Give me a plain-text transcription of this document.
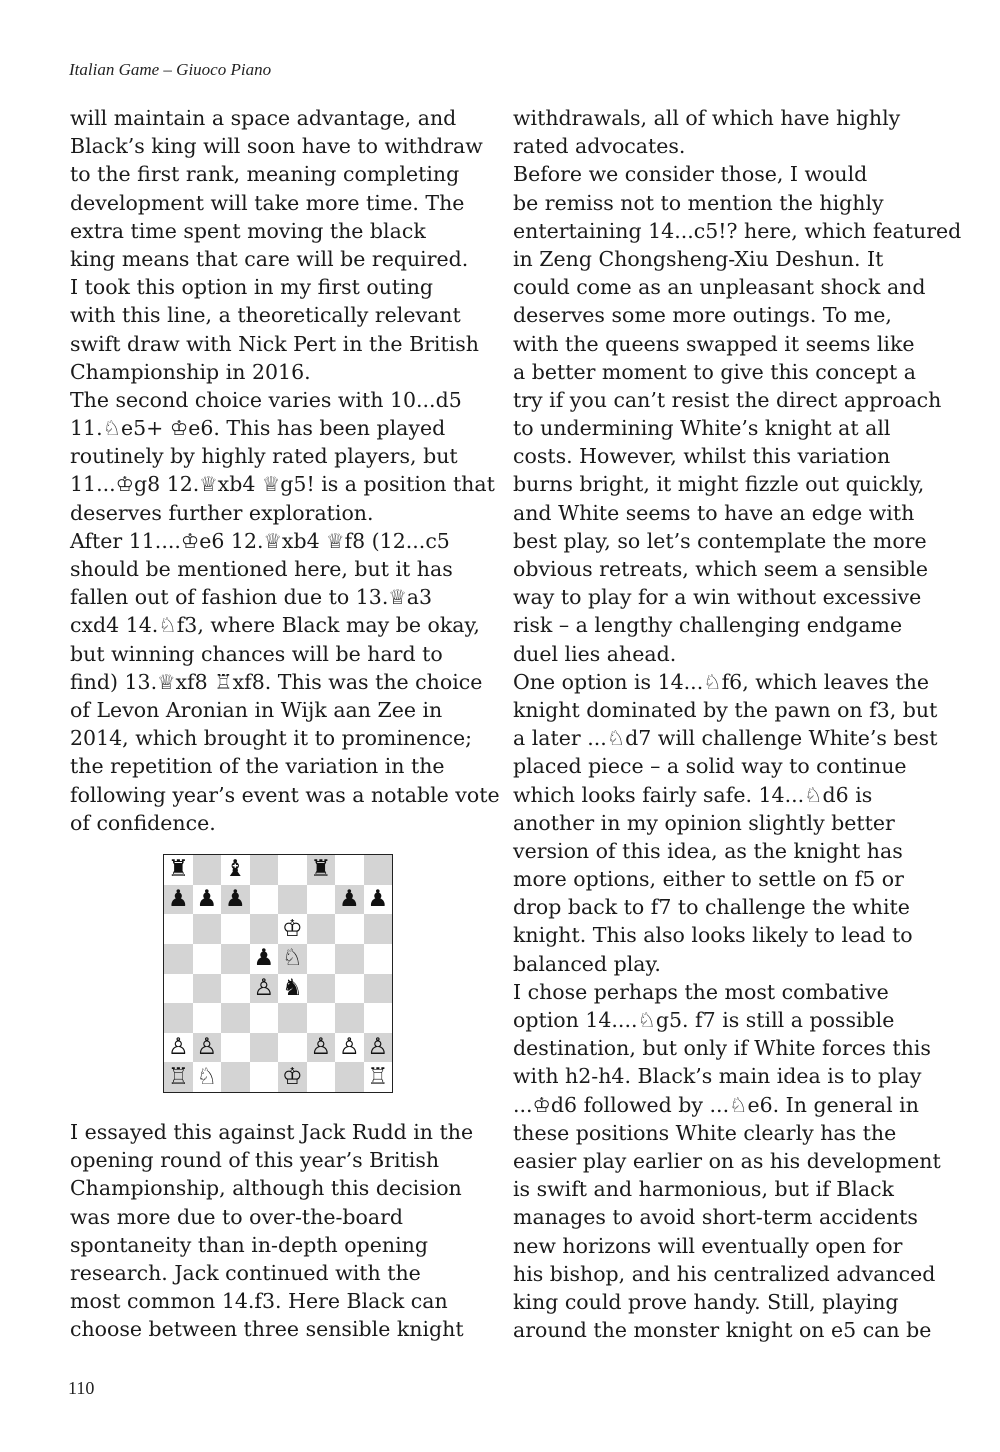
Italian Game – Giuoco Piano
will maintain a space advantage, and
Black’s king will soon have to withdraw
to the first rank, meaning completing
development will take more time. The
extra time spent moving the black
king means that care will be required.
I took this option in my first outing
with this line, a theoretically relevant
swift draw with Nick Pert in the British
Championship in 2016.
The second choice varies with 10...d5
11.♘e5+ ♔e6. This has been played
routinely by highly rated players, but
11...♔g8 12.♕xb4 ♕g5! is a position that
deserves further exploration.
After 11....♔e6 12.♕xb4 ♕f8 (12...c5
should be mentioned here, but it has
fallen out of fashion due to 13.♕a3
cxd4 14.♘f3, where Black may be okay,
but winning chances will be hard to
find) 13.♕xf8 ♖xf8. This was the choice
of Levon Aronian in Wijk aan Zee in
2014, which brought it to prominence;
the repetition of the variation in the
following year’s event was a notable vote
of confidence.
♜ ♝	♜
♟ ♟ ♟	♟ ♟
♔
♟ ♘
♙ ♞
♙ ♙	♙ ♙ ♙
♖ ♘	♔	♖
I essayed this against Jack Rudd in the
opening round of this year’s British
Championship, although this decision
was more due to over-the-board
spontaneity than in-depth opening
research. Jack continued with the
most common 14.f3. Here Black can
choose between three sensible knight
withdrawals, all of which have highly
rated advocates.
Before we consider those, I would
be remiss not to mention the highly
entertaining 14...c5!? here, which featured
in Zeng Chongsheng-Xiu Deshun. It
could come as an unpleasant shock and
deserves some more outings. To me,
with the queens swapped it seems like
a better moment to give this concept a
try if you can’t resist the direct approach
to undermining White’s knight at all
costs. However, whilst this variation
burns bright, it might fizzle out quickly,
and White seems to have an edge with
best play, so let’s contemplate the more
obvious retreats, which seem a sensible
way to play for a win without excessive
risk – a lengthy challenging endgame
duel lies ahead.
One option is 14...♘f6, which leaves the
knight dominated by the pawn on f3, but
a later ...♘d7 will challenge White’s best
placed piece – a solid way to continue
which looks fairly safe. 14...♘d6 is
another in my opinion slightly better
version of this idea, as the knight has
more options, either to settle on f5 or
drop back to f7 to challenge the white
knight. This also looks likely to lead to
balanced play.
I chose perhaps the most combative
option 14....♘g5. f7 is still a possible
destination, but only if White forces this
with h2-h4. Black’s main idea is to play
...♔d6 followed by ...♘e6. In general in
these positions White clearly has the
easier play earlier on as his development
is swift and harmonious, but if Black
manages to avoid short-term accidents
new horizons will eventually open for
his bishop, and his centralized advanced
king could prove handy. Still, playing
around the monster knight on e5 can be
110
